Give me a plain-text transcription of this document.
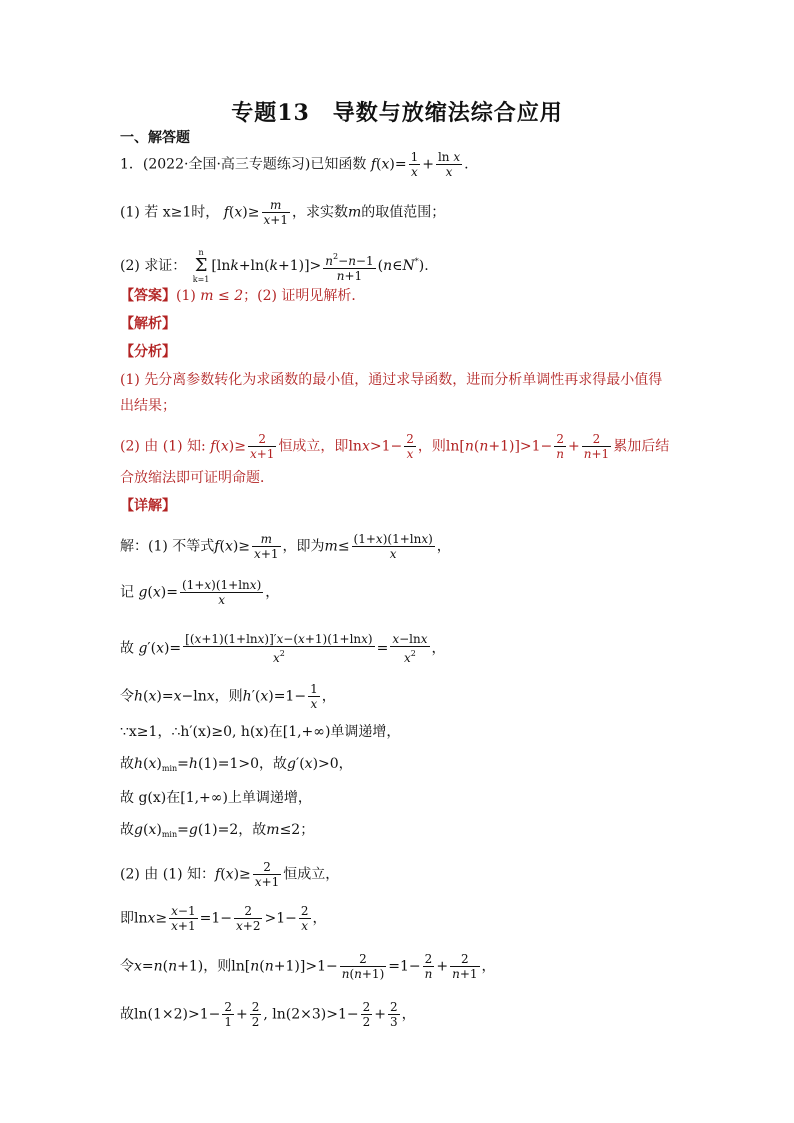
专题13　导数与放缩法综合应用
一、解答题
1．(2022·全国·高三专题练习)已知函数 $f(x)= \frac{1}{x} + \frac{\text{ln x}}{x}$ .
(1) 若 x≥1时， $f(x)\ge \frac{m}{x+1}$ ，求实数m的取值范围；
(2) 求证： n
Σ
$k=1[\ln k+\ln(k+1)]> \frac{n^2-n-1}{n+1}$ (n∈N*).
【答案】(1) m ≤ 2；(2) 证明见解析．
【解析】
【分析】
(1) 先分离参数转化为求函数的最小值，通过求导函数，进而分析单调性再求得最小值得
出结果；
(2) 由 (1) 知: $f(x)\ge \frac{2}{x+1}$ 恒成立，即$\ln x>1- \frac{2}{x}$ ，则$\ln[n(n+1)]>1- \frac{2}{n} + \frac{2}{n+1}$ 累加后结
合放缩法即可证明命题．
【详解】
解：(1) 不等式$f(x)\ge \frac{m}{x+1}$ ，即为$m\le \frac{(1+x)(1+\ln x)}{x}$ ，
记 $g(x)= \frac{(1+x)(1+\ln x)}{x}$ ，
故 $g'(x)= \frac{[(x+1)(1+\ln x)]'x-(x+1)(1+\ln x)}{x^2} = \frac{x-\ln x}{x^2}$ ，
令h(x)=x−lnx，则$h'(x)=1- \frac{1}{x}$ ，
∵x≥1，∴h′(x)≥0, h(x)在[1,+∞)单调递增，
故$h(x)_{min}=h(1)=1>0$，故g′(x)>0，
故 g(x)在[1,+∞)上单调递增，
故$g(x)_{min}=g(1)=2$，故m≤2；
(2) 由 (1) 知：$f(x)\ge \frac{2}{x+1}$ 恒成立，
即$\ln x\ge \frac{x-1}{x+1} =1- \frac{2}{x+2} >1- \frac{2}{x}$ ，
令x=n(n+1)，则$\ln[n(n+1)]>1- \frac{2}{n(n+1)} =1- \frac{2}{n} + \frac{2}{n+1}$ ，
故$\ln(1\times 2)>1- \frac{2}{1} + \frac{2}{2}$ , $\ln(2\times 3)>1- \frac{2}{2} + \frac{2}{3}$ ，
